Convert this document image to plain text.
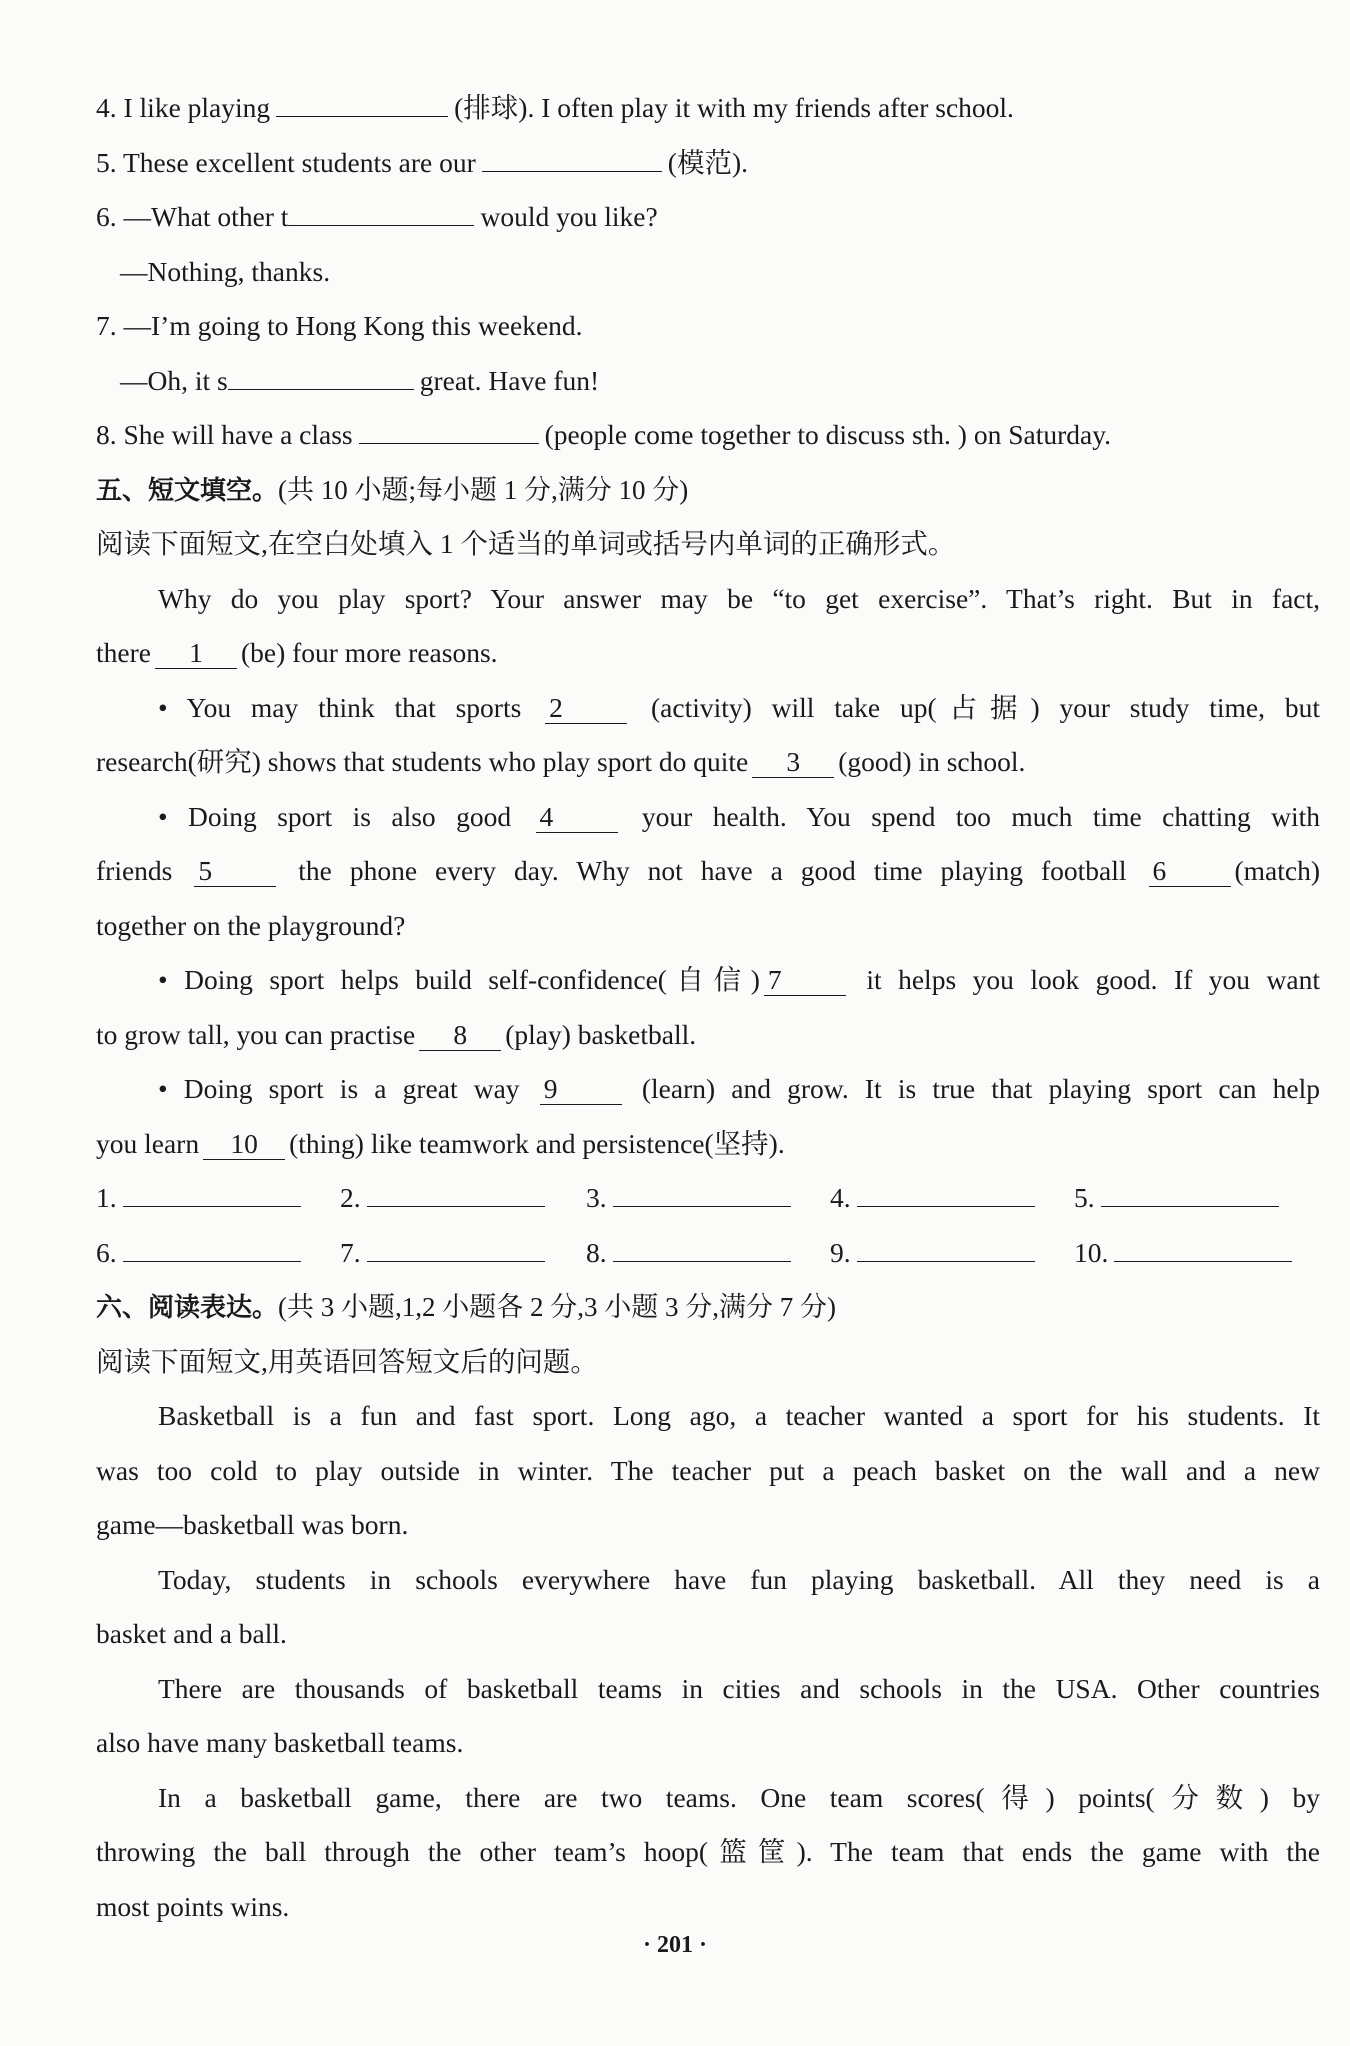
4. I like playing	(排球). I often play it with my friends after school.
5. These excellent students are our	(模范).
6. —What other t	would you like?
—Nothing, thanks.
7. —I’m going to Hong Kong this weekend.
—Oh, it s	great. Have fun!
8. She will have a class	(people come together to discuss sth. ) on Saturday.
五、短文填空。(共 10 小题;每小题 1 分,满分 10 分)
阅读下面短文,在空白处填入 1 个适当的单词或括号内单词的正确形式。
Why do you play sport? Your answer may be “to get exercise”. That’s right. But in fact,
there 1 (be) four more reasons.
• You may think that sports 2	(activity) will take up(占据) your study time, but
research(研究) shows that students who play sport do quite 3 (good) in school.
• Doing sport is also good 4	your health. You spend too much time chatting with
friends 5	the phone every day. Why not have a good time playing football 6 (match)
together on the playground?
• Doing sport helps build self-confidence(自信) 7	it helps you look good. If you want
to grow tall, you can practise 8 (play) basketball.
• Doing sport is a great way 9	(learn) and grow. It is true that playing sport can help
you learn 10 (thing) like teamwork and persistence(坚持).
1.	2.	3.	4.	5.
6.	7.	8.	9.	10.
六、阅读表达。(共 3 小题,1,2 小题各 2 分,3 小题 3 分,满分 7 分)
阅读下面短文,用英语回答短文后的问题。
Basketball is a fun and fast sport. Long ago, a teacher wanted a sport for his students. It
was too cold to play outside in winter. The teacher put a peach basket on the wall and a new
game—basketball was born.
Today, students in schools everywhere have fun playing basketball. All they need is a
basket and a ball.
There are thousands of basketball teams in cities and schools in the USA. Other countries
also have many basketball teams.
In a basketball game, there are two teams. One team scores(得) points(分数) by
throwing the ball through the other team’s hoop(篮筐). The team that ends the game with the
most points wins.
· 201 ·
